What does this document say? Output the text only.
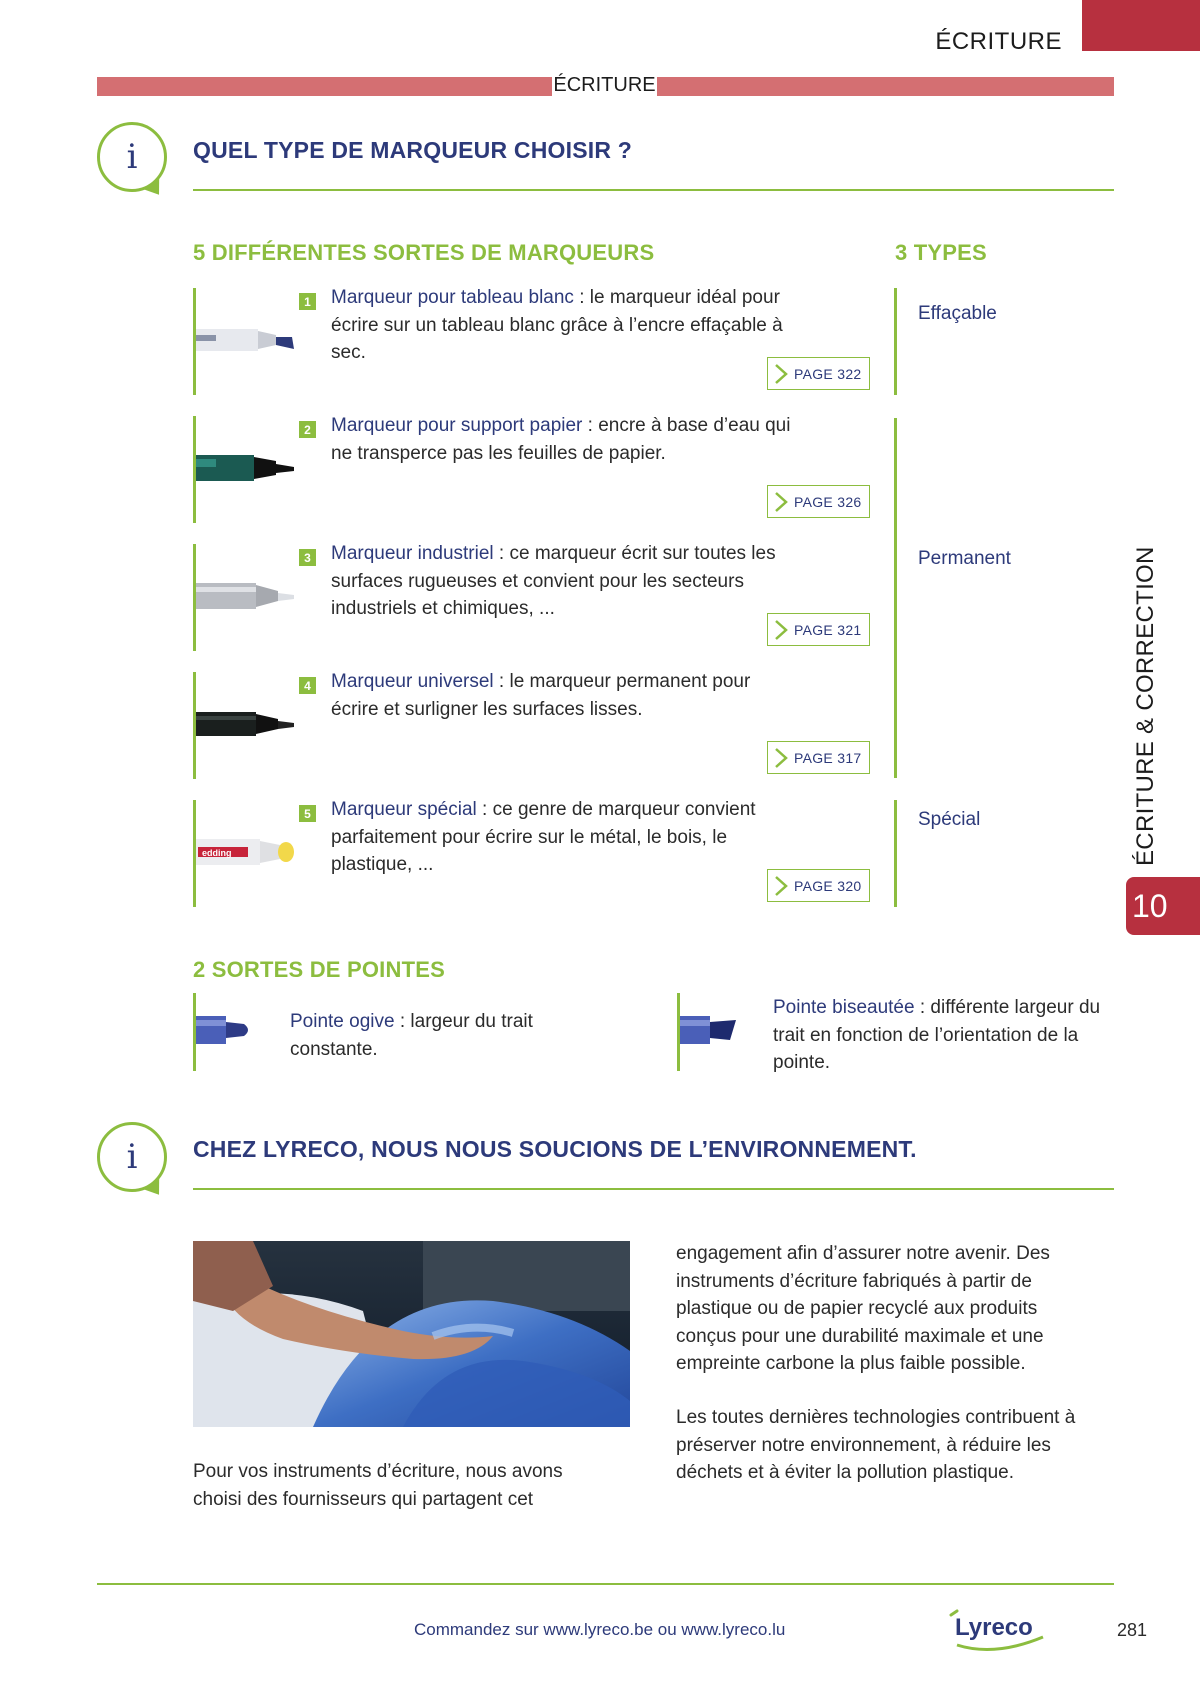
ÉCRITURE
ÉCRITURE
i QUEL TYPE DE MARQUEUR CHOISIR ?
5 DIFFÉRENTES SORTES DE MARQUEURS	3 TYPES
1 Marqueur pour tableau blanc : le marqueur idéal pour écrire sur un tableau blanc grâce à l’encre effaçable à sec.
PAGE 322
2 Marqueur pour support papier : encre à base d’eau qui ne transperce pas les feuilles de papier.
PAGE 326
3 Marqueur industriel : ce marqueur écrit sur toutes les surfaces rugueuses et convient pour les secteurs industriels et chimiques, ...
PAGE 321
4 Marqueur universel : le marqueur permanent pour écrire et surligner les surfaces lisses.
PAGE 317
edding
5 Marqueur spécial : ce genre de marqueur convient parfaitement pour écrire sur le métal, le bois, le plastique, ...
PAGE 320
Effaçable
Permanent
Spécial
2 SORTES DE POINTES
Pointe ogive : largeur du trait constante.
Pointe biseautée : différente largeur du trait en fonction de l’orientation de la pointe.
i CHEZ LYRECO, NOUS NOUS SOUCIONS DE L’ENVIRONNEMENT.
Pour vos instruments d’écriture, nous avons choisi des fournisseurs qui partagent cet
engagement afin d’assurer notre avenir. Des instruments d’écriture fabriqués à partir de plastique ou de papier recyclé aux produits conçus pour une durabilité maximale et une empreinte carbone la plus faible possible.
Les toutes dernières technologies contribuent à préserver notre environnement, à réduire les déchets et à éviter la pollution plastique.
ÉCRITURE & CORRECTION
10
Commandez sur www.lyreco.be ou www.lyreco.lu	Lyreco	281
